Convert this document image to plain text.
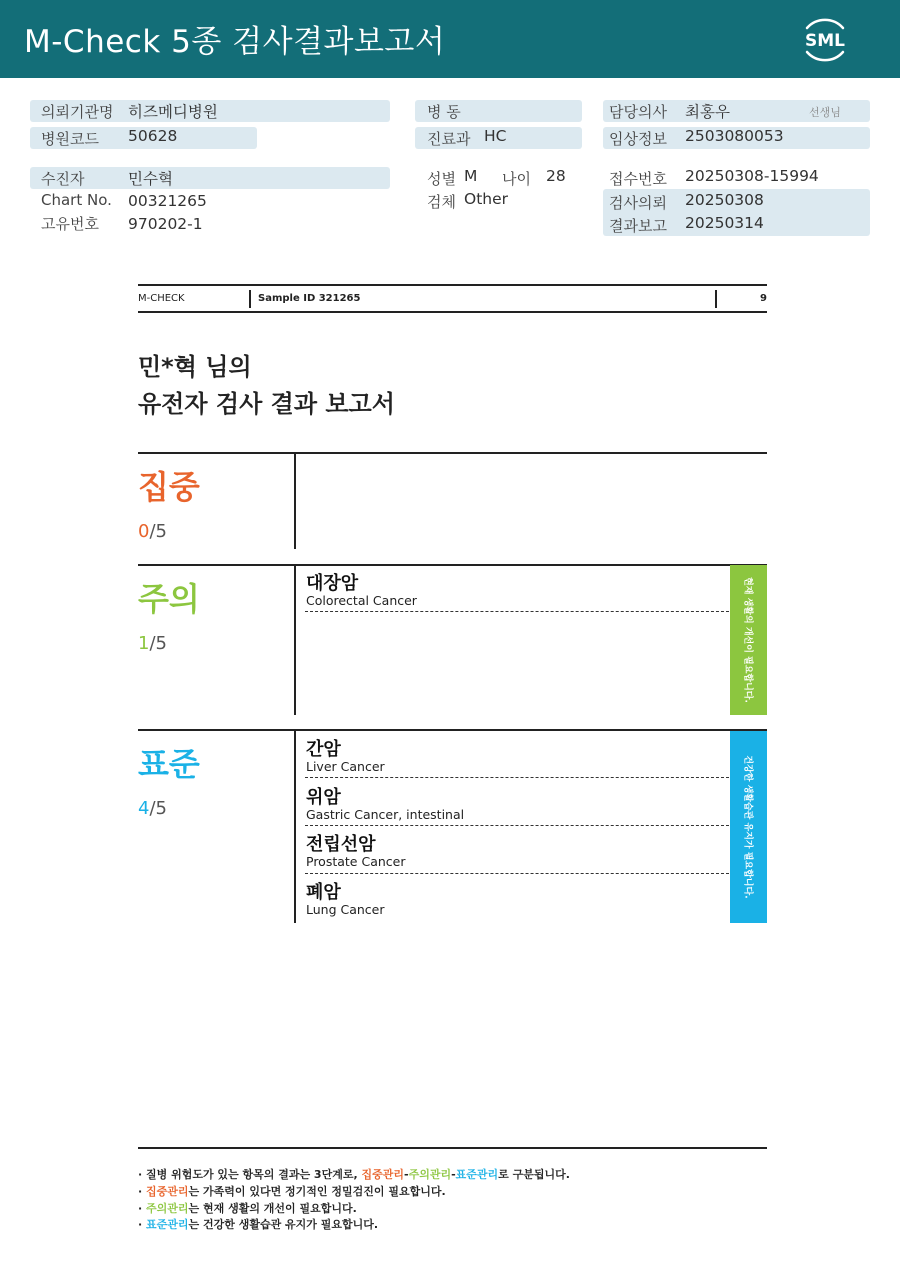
M-Check 5종 검사결과보고서	SML
의뢰기관명 히즈메디병원
병원코드 50628
수진자	민수혁
Chart No. 00321265
고유번호 970202-1
병 동
진료과 HC
성별 M 나이 28
검체 Other
담당의사 최홍우	선생님
임상정보 2503080053
접수번호 20250308-15994
검사의뢰 20250308
결과보고 20250314
M-CHECK	Sample ID 321265	9
민*혁 님의
유전자 검사 결과 보고서
집중
0/5
주의
1/5
대장암
Colorectal Cancer	현재 생활의 개선이 필요합니다.
표준
4/5
간암
Liver Cancer
위암
Gastric Cancer, intestinal
전립선암
Prostate Cancer
폐암
Lung Cancer
건강한 생활습관 유지가 필요합니다.
· 질병 위험도가 있는 항목의 결과는 3단계로, 집중관리-주의관리-표준관리로 구분됩니다.
· 집중관리는 가족력이 있다면 정기적인 정밀검진이 필요합니다.
· 주의관리는 현재 생활의 개선이 필요합니다.
· 표준관리는 건강한 생활습관 유지가 필요합니다.
